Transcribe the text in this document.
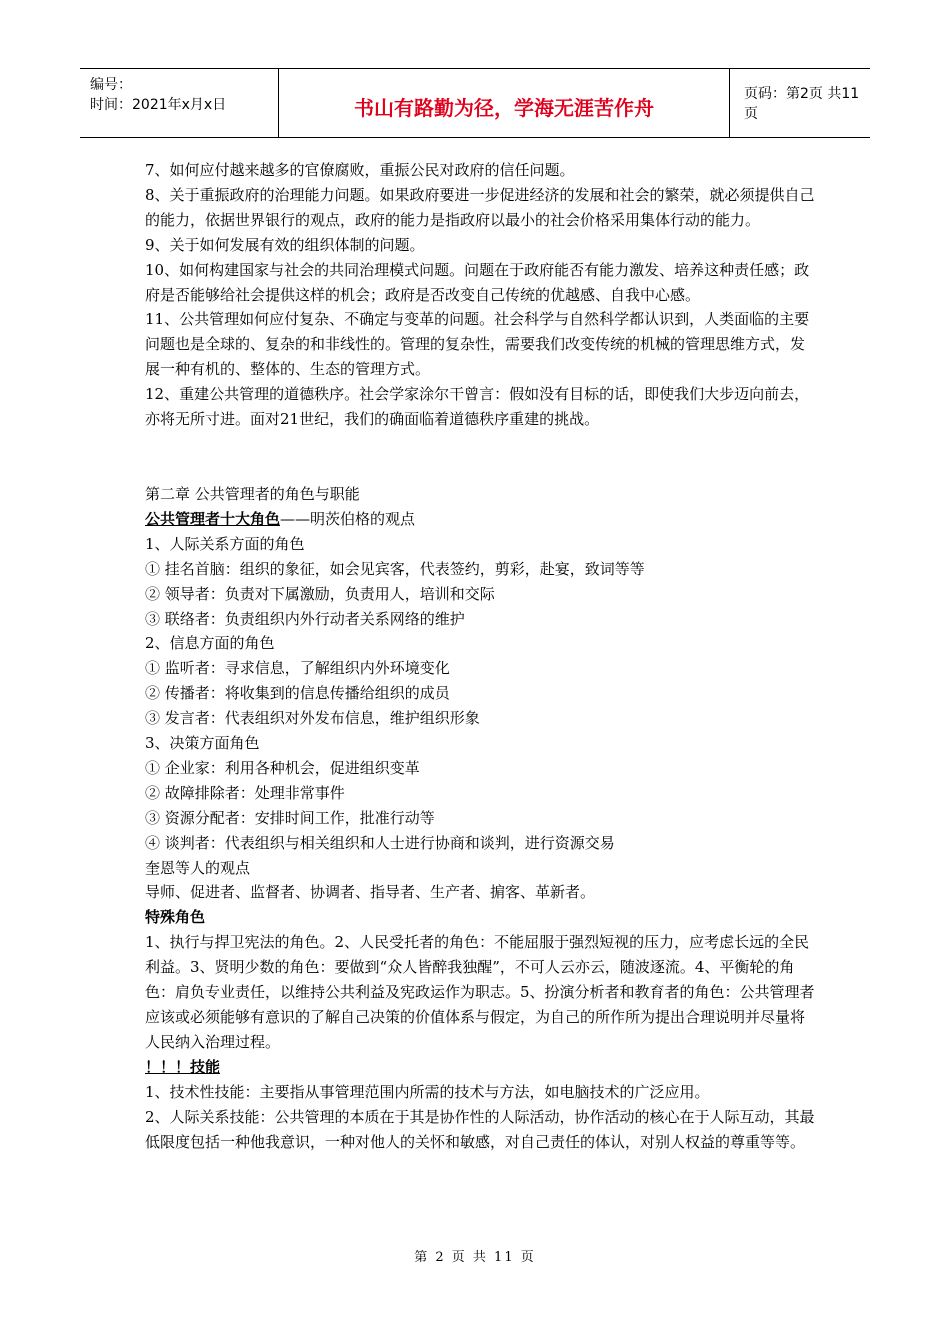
编号：
时间：2021年x月x日	书山有路勤为径，学海无涯苦作舟
页码：第2页 共11页

7、如何应付越来越多的官僚腐败，重振公民对政府的信任问题。

8、关于重振政府的治理能力问题。如果政府要进一步促进经济的发展和社会的繁荣，就必须提供自己的能力，依据世界银行的观点，政府的能力是指政府以最小的社会价格采用集体行动的能力。

9、关于如何发展有效的组织体制的问题。

10、如何构建国家与社会的共同治理模式问题。问题在于政府能否有能力激发、培养这种责任感；政府是否能够给社会提供这样的机会；政府是否改变自己传统的优越感、自我中心感。

11、公共管理如何应付复杂、不确定与变革的问题。社会科学与自然科学都认识到，人类面临的主要问题也是全球的、复杂的和非线性的。管理的复杂性，需要我们改变传统的机械的管理思维方式，发展一种有机的、整体的、生态的管理方式。

12、重建公共管理的道德秩序。社会学家涂尔干曾言：假如没有目标的话，即使我们大步迈向前去，亦将无所寸进。面对21世纪，我们的确面临着道德秩序重建的挑战。

第二章 公共管理者的角色与职能

公共管理者十大角色——明茨伯格的观点

1、人际关系方面的角色

① 挂名首脑：组织的象征，如会见宾客，代表签约，剪彩，赴宴，致词等等

② 领导者：负责对下属激励，负责用人，培训和交际

③ 联络者：负责组织内外行动者关系网络的维护

2、信息方面的角色

① 监听者：寻求信息，了解组织内外环境变化

② 传播者：将收集到的信息传播给组织的成员

③ 发言者：代表组织对外发布信息，维护组织形象

3、决策方面角色

① 企业家：利用各种机会，促进组织变革

② 故障排除者：处理非常事件

③ 资源分配者：安排时间工作，批准行动等

④ 谈判者：代表组织与相关组织和人士进行协商和谈判，进行资源交易

奎恩等人的观点

导师、促进者、监督者、协调者、指导者、生产者、掮客、革新者。

特殊角色

1、执行与捍卫宪法的角色。2、人民受托者的角色：不能屈服于强烈短视的压力，应考虑长远的全民利益。3、贤明少数的角色：要做到“众人皆醉我独醒”，不可人云亦云，随波逐流。4、平衡轮的角色：肩负专业责任，以维持公共利益及宪政运作为职志。5、扮演分析者和教育者的角色：公共管理者应该或必须能够有意识的了解自己决策的价值体系与假定，为自己的所作所为提出合理说明并尽量将人民纳入治理过程。

！！！技能

1、技术性技能：主要指从事管理范围内所需的技术与方法，如电脑技术的广泛应用。

2、人际关系技能：公共管理的本质在于其是协作性的人际活动，协作活动的核心在于人际互动，其最低限度包括一种他我意识，一种对他人的关怀和敏感，对自己责任的体认，对别人权益的尊重等等。

第 2 页 共 11 页
